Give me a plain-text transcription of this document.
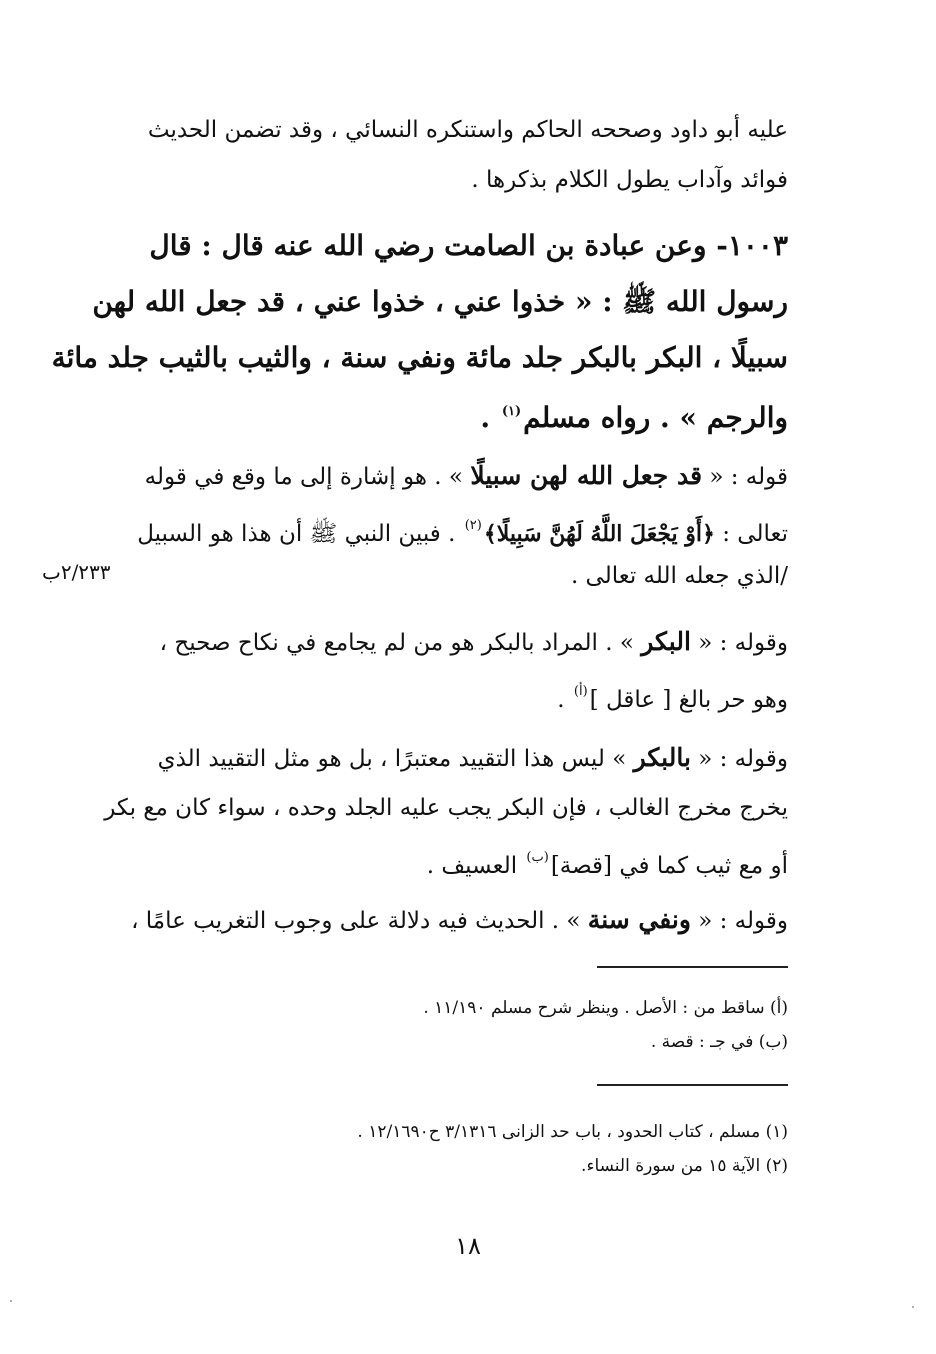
عليه أبو داود وصححه الحاكم واستنكره النسائي ، وقد تضمن الحديث
فوائد وآداب يطول الكلام بذكرها .
١٠٠٣- وعن عبادة بن الصامت رضي الله عنه قال : قال
رسول الله ﷺ : « خذوا عني ، خذوا عني ، قد جعل الله لهن
سبيلًا ، البكر بالبكر جلد مائة ونفي سنة ، والثيب بالثيب جلد مائة
والرجم » . رواه مسلم$^{(١)}$ .
قوله : « قد جعل الله لهن سبيلًا » . هو إشارة إلى ما وقع في قوله
تعالى : ﴿أَوْ يَجْعَلَ اللَّهُ لَهُنَّ سَبِيلًا﴾$^{(٢)}$ . فبين النبي ﷺ أن هذا هو السبيل
/الذي جعله الله تعالى .
٢/٢٣٣ب
وقوله : « البكر » . المراد بالبكر هو من لم يجامع في نكاح صحيح ،
وهو حر بالغ [ عاقل ]$^{(أ)}$ .
وقوله : « بالبكر » ليس هذا التقييد معتبرًا ، بل هو مثل التقييد الذي
يخرج مخرج الغالب ، فإن البكر يجب عليه الجلد وحده ، سواء كان مع بكر
أو مع ثيب كما في [قصة]$^{(ب)}$ العسيف .
وقوله : « ونفي سنة » . الحديث فيه دلالة على وجوب التغريب عامًا ،
(أ) ساقط من : الأصل . وينظر شرح مسلم ١١/١٩٠ .
(ب) في جـ : قصة .
(١) مسلم ، كتاب الحدود ، باب حد الزانى ٣/١٣١٦ ح١٢/١٦٩٠ .
(٢) الآية ١٥ من سورة النساء.
١٨
